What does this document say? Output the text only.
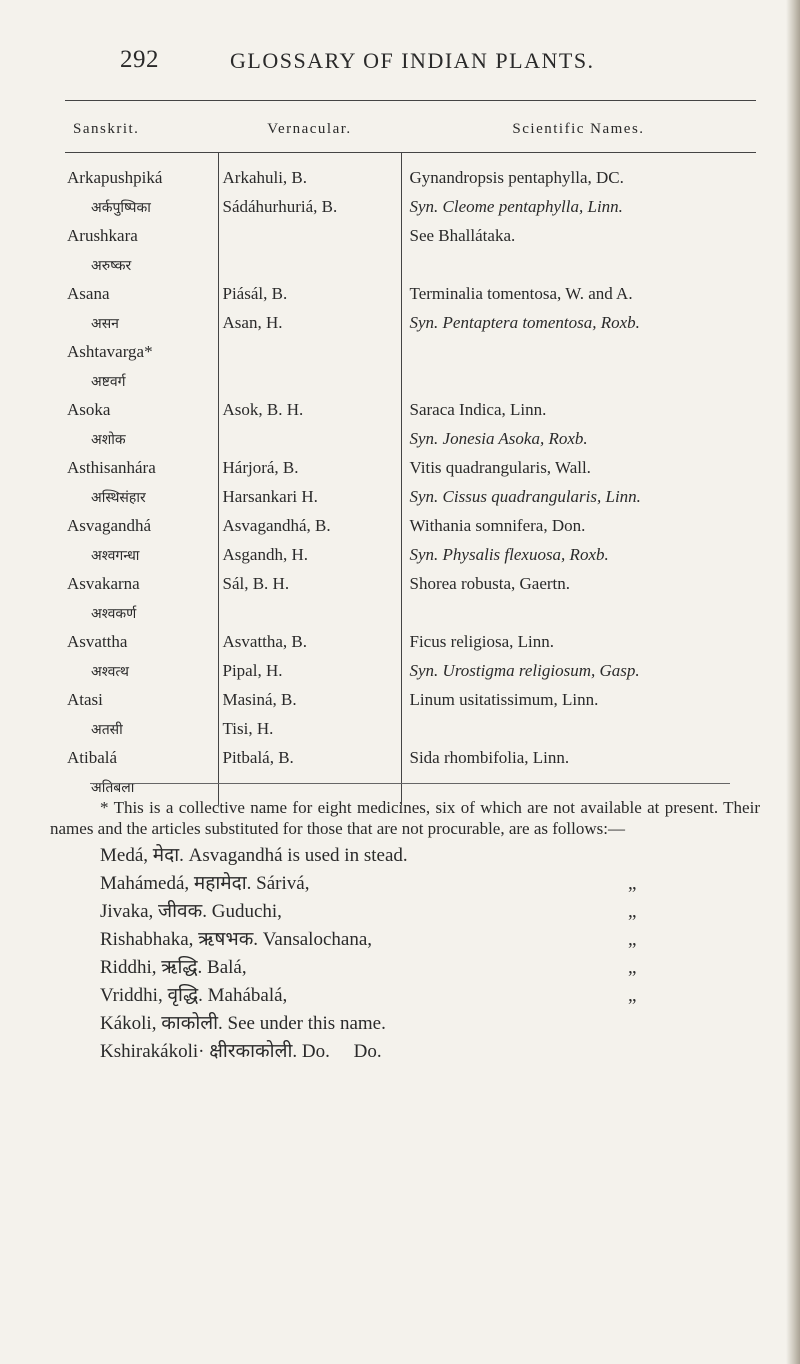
292	GLOSSARY OF INDIAN PLANTS.
Sanskrit.	Vernacular.	Scientific Names.
Arkapushpiká	Arkahuli, B.	Gynandropsis pentaphylla, DC.
अर्कपुष्पिका	Sádáhurhuriá, B.	Syn. Cleome pentaphylla, Linn.
Arushkara		See Bhallátaka.
अरुष्कर		
Asana	Piásál, B.	Terminalia tomentosa, W. and A.
असन	Asan, H.	Syn. Pentaptera tomentosa, Roxb.
Ashtavarga*		
अष्टवर्ग		
Asoka	Asok, B. H.	Saraca Indica, Linn.
अशोक		Syn. Jonesia Asoka, Roxb.
Asthisanhára	Hárjorá, B.	Vitis quadrangularis, Wall.
अस्थिसंहार	Harsankari H.	Syn. Cissus quadrangularis, Linn.
Asvagandhá	Asvagandhá, B.	Withania somnifera, Don.
अश्वगन्धा	Asgandh, H.	Syn. Physalis flexuosa, Roxb.
Asvakarna	Sál, B. H.	Shorea robusta, Gaertn.
अश्वकर्ण		
Asvattha	Asvattha, B.	Ficus religiosa, Linn.
अश्वत्थ	Pipal, H.	Syn. Urostigma religiosum, Gasp.
Atasi	Masiná, B.	Linum usitatissimum, Linn.
अतसी	Tisi, H.	
Atibalá	Pitbalá, B.	Sida rhombifolia, Linn.
अतिबला		

* This is a collective name for eight medicines, six of which are not available at present. Their names and the articles substituted for those that are not procurable, are as follows:—

Medá, मेदा. Asvagandhá is used in stead.
Mahámedá, महामेदा. Sárivá,	„
Jivaka, जीवक. Guduchi,	„
Rishabhaka, ऋषभक. Vansalochana,	„
Riddhi, ऋद्धि. Balá,	„
Vriddhi, वृद्धि. Mahábalá,	„
Kákoli, काकोली. See under this name.
Kshirakákoli· क्षीरकाकोली. Do.     Do.
